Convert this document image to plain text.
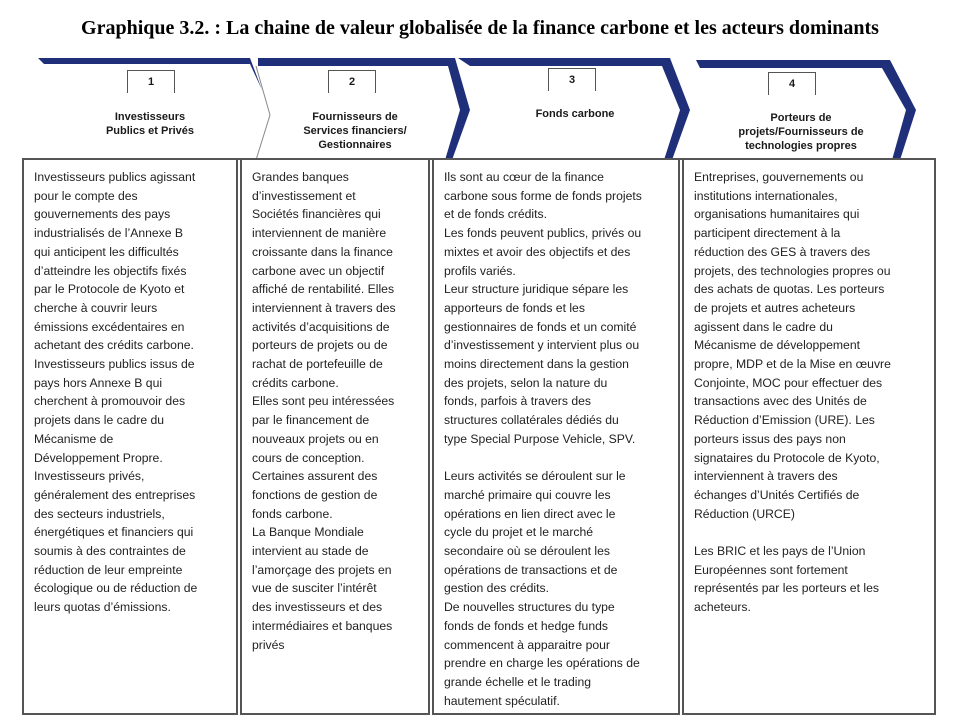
Graphique 3.2. : La chaine de valeur globalisée de la finance carbone et les acteurs dominants
1	2	3	4
Investisseurs
Publics et Privés
Fournisseurs de
Services financiers/
Gestionnaires
Fonds carbone	Porteurs de
projets/Fournisseurs de
technologies propres
Investisseurs publics agissant
pour le compte des
gouvernements des pays
industrialisés de l’Annexe B
qui anticipent les difficultés
d’atteindre les objectifs fixés
par le Protocole de Kyoto et
cherche à couvrir leurs
émissions excédentaires en
achetant des crédits carbone.
Investisseurs publics issus de
pays hors Annexe B qui
cherchent à promouvoir des
projets dans le cadre du
Mécanisme de
Développement Propre.
Investisseurs privés,
généralement des entreprises
des secteurs industriels,
énergétiques et financiers qui
soumis à des contraintes de
réduction de leur empreinte
écologique ou de réduction de
leurs quotas d’émissions.
Grandes banques
d’investissement et
Sociétés financières qui
interviennent de manière
croissante dans la finance
carbone avec un objectif
affiché de rentabilité. Elles
interviennent à travers des
activités d’acquisitions de
porteurs de projets ou de
rachat de portefeuille de
crédits carbone.
Elles sont peu intéressées
par le financement de
nouveaux projets ou en
cours de conception.
Certaines assurent des
fonctions de gestion de
fonds carbone.
La Banque Mondiale
intervient au stade de
l’amorçage des projets en
vue de susciter l’intérêt
des investisseurs et des
intermédiaires et banques
privés
Ils sont au cœur de la finance
carbone sous forme de fonds projets
et de fonds crédits.
Les fonds peuvent publics, privés ou
mixtes et avoir des objectifs et des
profils variés.
Leur structure juridique sépare les
apporteurs de fonds et les
gestionnaires de fonds et un comité
d’investissement y intervient plus ou
moins directement dans la gestion
des projets, selon la nature du
fonds, parfois à travers des
structures collatérales dédiés du
type Special Purpose Vehicle, SPV.

Leurs activités se déroulent sur le
marché primaire qui couvre les
opérations en lien direct avec le
cycle du projet et le marché
secondaire où se déroulent les
opérations de transactions et de
gestion des crédits.
De nouvelles structures du type
fonds de fonds et hedge funds
commencent à apparaitre pour
prendre en charge les opérations de
grande échelle et le trading
hautement spéculatif.
Entreprises, gouvernements ou
institutions internationales,
organisations humanitaires qui
participent directement à la
réduction des GES à travers des
projets, des technologies propres ou
des achats de quotas. Les porteurs
de projets et autres acheteurs
agissent dans le cadre du
Mécanisme de développement
propre, MDP et de la Mise en œuvre
Conjointe, MOC pour effectuer des
transactions avec des Unités de
Réduction d’Emission (URE). Les
porteurs issus des pays non
signataires du Protocole de Kyoto,
interviennent à travers des
échanges d’Unités Certifiés de
Réduction (URCE)

Les BRIC et les pays de l’Union
Européennes sont fortement
représentés par les porteurs et les
acheteurs.
